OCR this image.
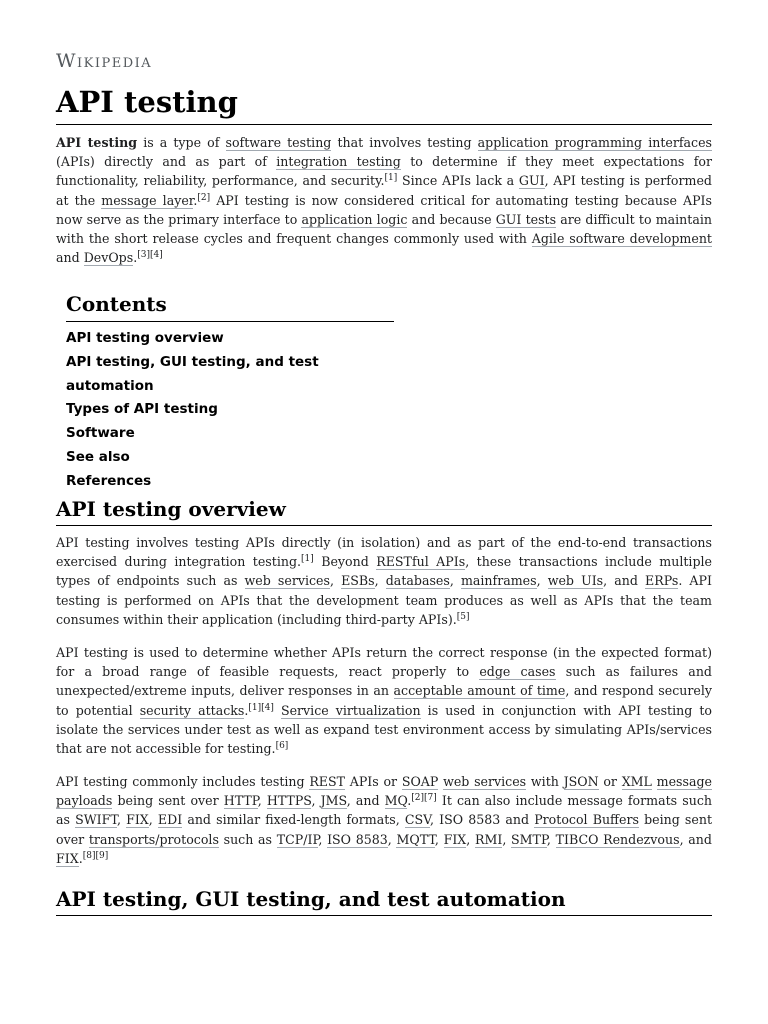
Wikipedia
API testing

API testing is a type of software testing that involves testing application programming interfaces (APIs) directly and as part of integration testing to determine if they meet expectations for functionality, reliability, performance, and security.[1] Since APIs lack a GUI, API testing is performed at the message layer.[2] API testing is now considered critical for automating testing because APIs now serve as the primary interface to application logic and because GUI tests are difficult to maintain with the short release cycles and frequent changes commonly used with Agile software development and DevOps.[3][4]

Contents
API testing overview
API testing, GUI testing, and test automation
Types of API testing
Software
See also
References
API testing overview

API testing involves testing APIs directly (in isolation) and as part of the end-to-end transactions exercised during integration testing.[1] Beyond RESTful APIs, these transactions include multiple types of endpoints such as web services, ESBs, databases, mainframes, web UIs, and ERPs. API testing is performed on APIs that the development team produces as well as APIs that the team consumes within their application (including third-party APIs).[5]

API testing is used to determine whether APIs return the correct response (in the expected format) for a broad range of feasible requests, react properly to edge cases such as failures and unexpected/extreme inputs, deliver responses in an acceptable amount of time, and respond securely to potential security attacks.[1][4] Service virtualization is used in conjunction with API testing to isolate the services under test as well as expand test environment access by simulating APIs/services that are not accessible for testing.[6]

API testing commonly includes testing REST APIs or SOAP web services with JSON or XML message payloads being sent over HTTP, HTTPS, JMS, and MQ.[2][7] It can also include message formats such as SWIFT, FIX, EDI and similar fixed-length formats, CSV, ISO 8583 and Protocol Buffers being sent over transports/protocols such as TCP/IP, ISO 8583, MQTT, FIX, RMI, SMTP, TIBCO Rendezvous, and FIX.[8][9]

API testing, GUI testing, and test automation
